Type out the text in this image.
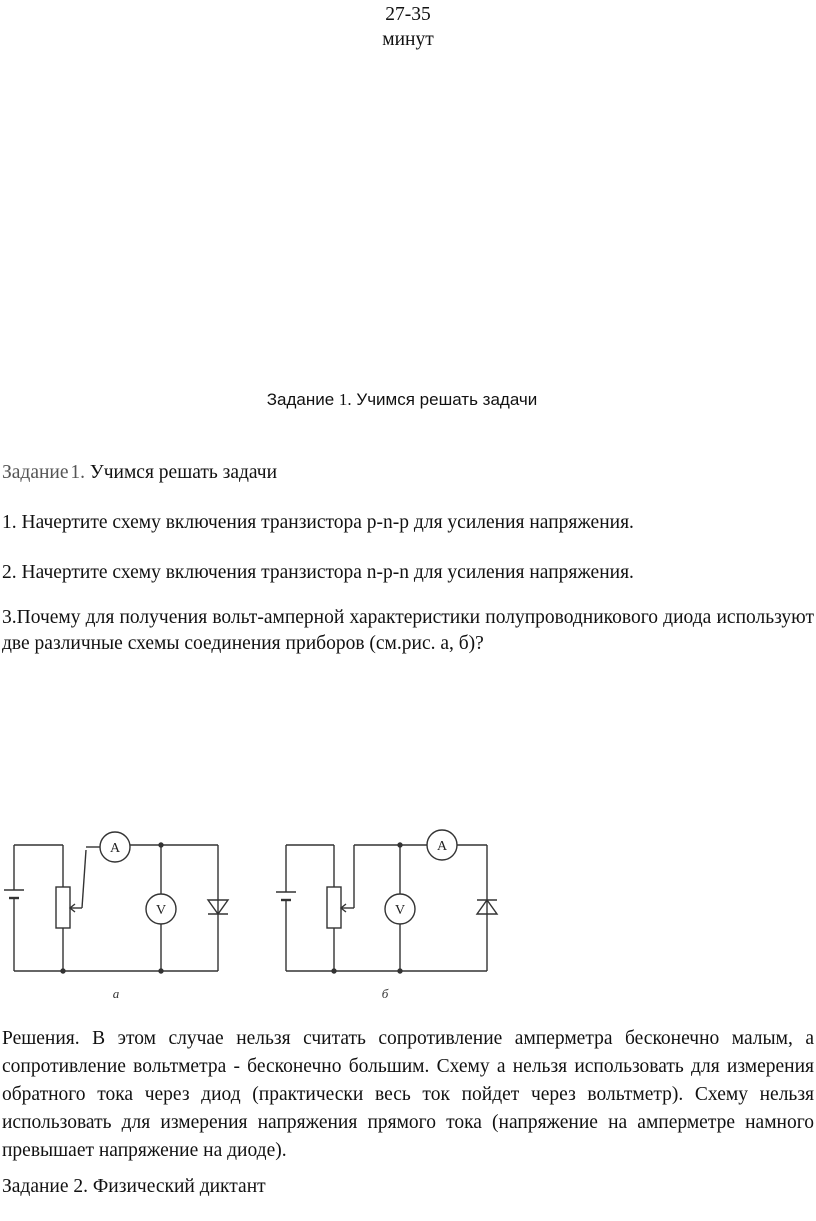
27-35
минут
Задание 1. Учимся решать задачи
Задание 1. Учимся решать задачи
1. Начертите схему включения транзистора p-n-p для усиления напряжения.
2. Начертите схему включения транзистора n-p-n для усиления напряжения.
3.Почему для получения вольт-амперной характеристики полупроводникового диода используют две различные схемы соединения приборов (см.рис. а, б)?
A
V
A
V
а	б
Решения. В этом случае нельзя считать сопротивление амперметра бесконечно малым, а сопротивление вольтметра - бесконечно большим. Схему а нельзя использовать для измерения обратного тока через диод (практически весь ток пойдет через вольтметр). Схему нельзя использовать для измерения напряжения прямого тока (напряжение на амперметре намного превышает напряжение на диоде).
Задание 2. Физический диктант
